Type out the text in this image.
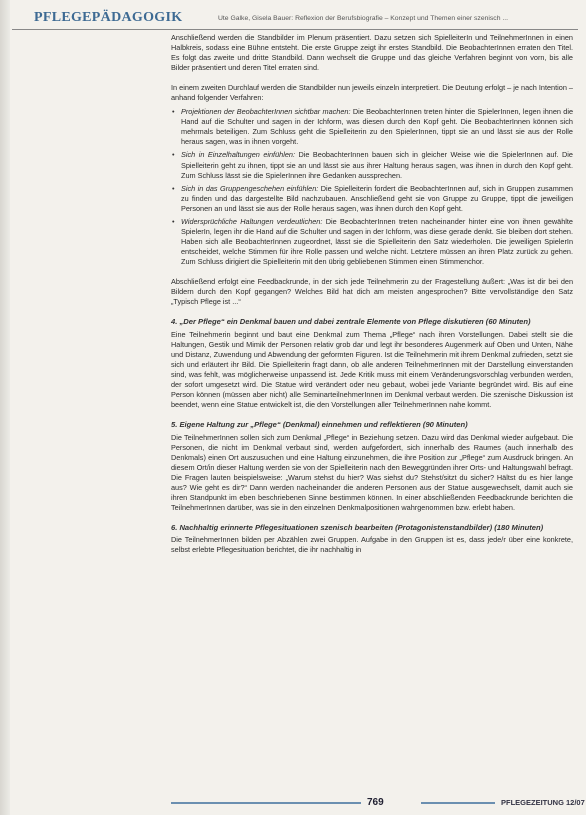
PFLEGEPÄDAGOGIK	Ute Galke, Gisela Bauer: Reflexion der Berufsbiografie – Konzept und Themen einer szenisch ...

Anschließend werden die Standbilder im Plenum präsentiert. Dazu setzen sich SpielleiterIn und TeilnehmerInnen in einen Halbkreis, sodass eine Bühne entsteht. Die erste Gruppe zeigt ihr erstes Standbild. Die BeobachterInnen erraten den Titel. Es folgt das zweite und dritte Standbild. Dann wechselt die Gruppe und das gleiche Verfahren beginnt von vorn, bis alle Bilder präsentiert und deren Titel erraten sind.

In einem zweiten Durchlauf werden die Standbilder nun jeweils einzeln interpretiert. Die Deutung erfolgt – je nach Intention – anhand folgender Verfahren:

• Projektionen der BeobachterInnen sichtbar machen: Die BeobachterInnen treten hinter die SpielerInnen, legen ihnen die Hand auf die Schulter und sagen in der Ichform, was diesen durch den Kopf geht. Die BeobachterInnen können sich mehrmals beteiligen. Zum Schluss geht die Spielleiterin zu den SpielerInnen, tippt sie an und lässt sie aus der Rolle heraus sagen, was in ihnen vorgeht.
• Sich in Einzelhaltungen einfühlen: Die BeobachterInnen bauen sich in gleicher Weise wie die SpielerInnen auf. Die Spielleiterin geht zu ihnen, tippt sie an und lässt sie aus ihrer Haltung heraus sagen, was ihnen in durch den Kopf geht. Zum Schluss lässt sie die SpielerInnen ihre Gedanken aussprechen.
• Sich in das Gruppengeschehen einfühlen: Die Spielleiterin fordert die BeobachterInnen auf, sich in Gruppen zusammen zu finden und das dargestellte Bild nachzubauen. Anschließend geht sie von Gruppe zu Gruppe, tippt die jeweiligen Personen an und lässt sie aus der Rolle heraus sagen, was ihnen durch den Kopf geht.
• Widersprüchliche Haltungen verdeutlichen: Die BeobachterInnen treten nacheinander hinter eine von ihnen gewählte SpielerIn, legen ihr die Hand auf die Schulter und sagen in der Ichform, was diese gerade denkt. Sie bleiben dort stehen. Haben sich alle BeobachterInnen zugeordnet, lässt sie die Spielleiterin den Satz wiederholen. Die jeweiligen SpielerIn entscheidet, welche Stimmen für ihre Rolle passen und welche nicht. Letztere müssen an ihren Platz zurück zu gehen. Zum Schluss dirigiert die Spielleiterin mit den übrig gebliebenen Stimmen einen Stimmenchor.

Abschließend erfolgt eine Feedbackrunde, in der sich jede Teilnehmerin zu der Fragestellung äußert: „Was ist dir bei den Bildern durch den Kopf gegangen? Welches Bild hat dich am meisten angesprochen? Bitte vervollständige den Satz „Typisch Pflege ist ...“

4. „Der Pflege“ ein Denkmal bauen und dabei zentrale Elemente von Pflege diskutieren (60 Minuten)

Eine Teilnehmerin beginnt und baut eine Denkmal zum Thema „Pflege“ nach ihren Vorstellungen. Dabei stellt sie die Haltungen, Gestik und Mimik der Personen relativ grob dar und legt ihr besonderes Augenmerk auf Oben und Unten, Nähe und Distanz, Zuwendung und Abwendung der geformten Figuren. Ist die Teilnehmerin mit ihrem Denkmal zufrieden, setzt sie sich und erläutert ihr Bild. Die Spielleiterin fragt dann, ob alle anderen TeilnehmerInnen mit der Darstellung einverstanden sind, was fehlt, was möglicherweise unpassend ist. Jede Kritik muss mit einem Veränderungsvorschlag verbunden werden, der sofort umgesetzt wird. Die Statue wird verändert oder neu gebaut, wobei jede Variante begründet wird. Bis auf eine Person können (müssen aber nicht) alle SeminarteilnehmerInnen im Denkmal verbaut werden. Die szenische Diskussion ist beendet, wenn eine Statue entwickelt ist, die den Vorstellungen aller TeilnehmerInnen nahe kommt.

5. Eigene Haltung zur „Pflege“ (Denkmal) einnehmen und reflektieren (90 Minuten)

Die TeilnehmerInnen sollen sich zum Denkmal „Pflege“ in Beziehung setzen. Dazu wird das Denkmal wieder aufgebaut. Die Personen, die nicht im Denkmal verbaut sind, werden aufgefordert, sich innerhalb des Raumes (auch innerhalb des Denkmals) einen Ort auszusuchen und eine Haltung einzunehmen, die ihre Position zur „Pflege“ zum Ausdruck bringen. An diesem Ort/in dieser Haltung werden sie von der Spielleiterin nach den Beweggründen ihrer Orts- und Haltungswahl befragt. Die Fragen lauten beispielsweise: „Warum stehst du hier? Was siehst du? Stehst/sitzt du sicher? Hältst du es hier lange aus? Wie geht es dir?“ Dann werden nacheinander die anderen Personen aus der Statue ausgewechselt, damit auch sie ihren Standpunkt im eben beschriebenen Sinne bestimmen können. In einer abschließenden Feedbackrunde berichten die TeilnehmerInnen darüber, was sie in den einzelnen Denkmalpositionen wahrgenommen bzw. erlebt haben.

6. Nachhaltig erinnerte Pflegesituationen szenisch bearbeiten (Protagonistenstandbilder) (180 Minuten)

Die TeilnehmerInnen bilden per Abzählen zwei Gruppen. Aufgabe in den Gruppen ist es, dass jede/r über eine konkrete, selbst erlebte Pflegesituation berichtet, die ihr nachhaltig in

769	PFLEGEZEITUNG 12/07
